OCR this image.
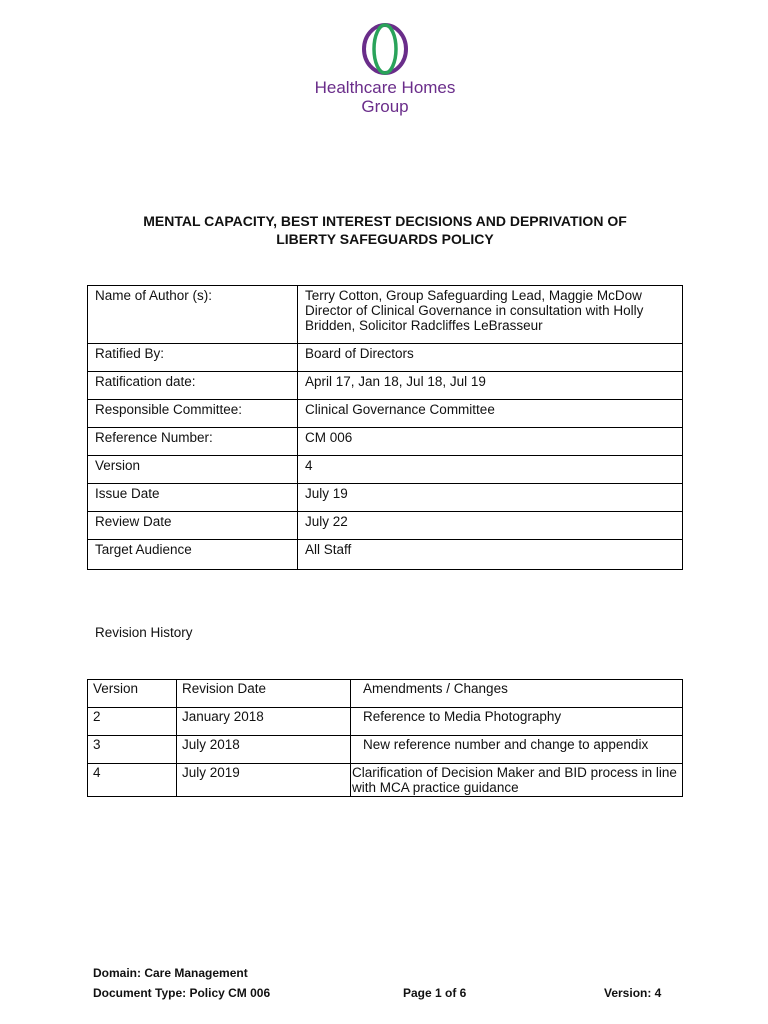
Healthcare Homes
Group
MENTAL CAPACITY, BEST INTEREST DECISIONS AND DEPRIVATION OF
LIBERTY SAFEGUARDS POLICY
Name of Author (s):	Terry Cotton, Group Safeguarding Lead, Maggie McDow Director of Clinical Governance in consultation with Holly Bridden, Solicitor Radcliffes LeBrasseur
Ratified By:	Board of Directors
Ratification date:	April 17, Jan 18, Jul 18, Jul 19
Responsible Committee:	Clinical Governance Committee
Reference Number:	CM 006
Version	4
Issue Date	July 19
Review Date	July 22
Target Audience	All Staff
Revision History
Version	Revision Date	Amendments / Changes
2	January 2018	Reference to Media Photography
3	July 2018	New reference number and change to appendix
4	July 2019	Clarification of Decision Maker and BID process in line with MCA practice guidance
Domain: Care Management
Document Type: Policy CM 006	Page 1 of 6	Version: 4
